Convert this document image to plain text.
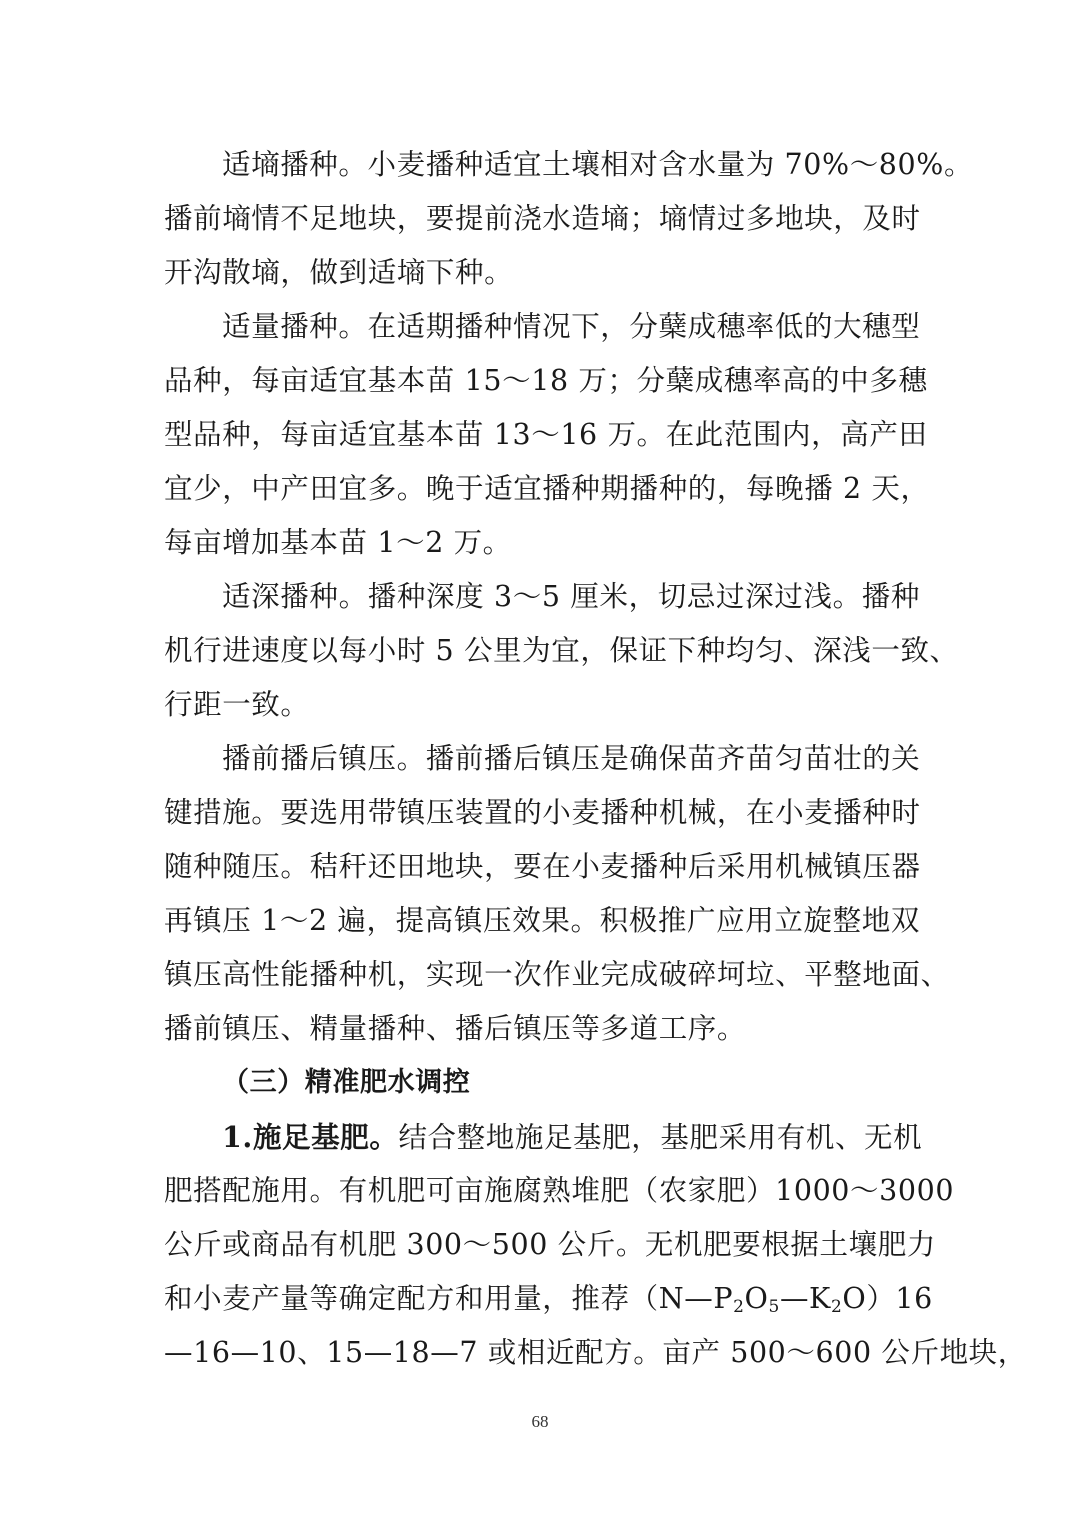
适墒播种。小麦播种适宜土壤相对含水量为 70%～80%。
播前墒情不足地块，要提前浇水造墒；墒情过多地块，及时
开沟散墒，做到适墒下种。
适量播种。在适期播种情况下，分蘖成穗率低的大穗型
品种，每亩适宜基本苗 15～18 万；分蘖成穗率高的中多穗
型品种，每亩适宜基本苗 13～16 万。在此范围内，高产田
宜少，中产田宜多。晚于适宜播种期播种的，每晚播 2 天，
每亩增加基本苗 1～2 万。
适深播种。播种深度 3～5 厘米，切忌过深过浅。播种
机行进速度以每小时 5 公里为宜，保证下种均匀、深浅一致、
行距一致。
播前播后镇压。播前播后镇压是确保苗齐苗匀苗壮的关
键措施。要选用带镇压装置的小麦播种机械，在小麦播种时
随种随压。秸秆还田地块，要在小麦播种后采用机械镇压器
再镇压 1～2 遍，提高镇压效果。积极推广应用立旋整地双
镇压高性能播种机，实现一次作业完成破碎坷垃、平整地面、
播前镇压、精量播种、播后镇压等多道工序。
（三）精准肥水调控
1.施足基肥。结合整地施足基肥，基肥采用有机、无机
肥搭配施用。有机肥可亩施腐熟堆肥（农家肥）1000～3000
公斤或商品有机肥 300～500 公斤。无机肥要根据土壤肥力
和小麦产量等确定配方和用量，推荐$(N—P_2O_5—K_2O)16$
—16—10、15—18—7 或相近配方。亩产 500～600 公斤地块，
68
